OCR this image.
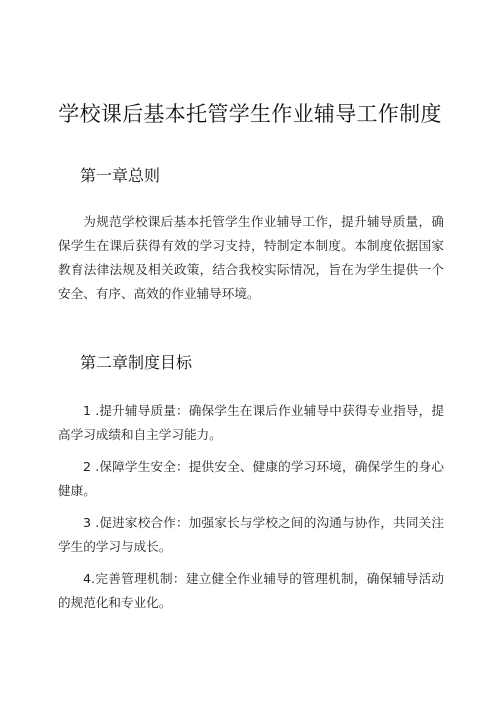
学校课后基本托管学生作业辅导工作制度
第一章总则
为规范学校课后基本托管学生作业辅导工作，提升辅导质量，确保学生在课后获得有效的学习支持，特制定本制度。本制度依据国家教育法律法规及相关政策，结合我校实际情况，旨在为学生提供一个安全、有序、高效的作业辅导环境。
第二章制度目标
1 .提升辅导质量：确保学生在课后作业辅导中获得专业指导，提高学习成绩和自主学习能力。
2 .保障学生安全：提供安全、健康的学习环境，确保学生的身心健康。
3 .促进家校合作：加强家长与学校之间的沟通与协作，共同关注学生的学习与成长。
4.完善管理机制：建立健全作业辅导的管理机制，确保辅导活动的规范化和专业化。
